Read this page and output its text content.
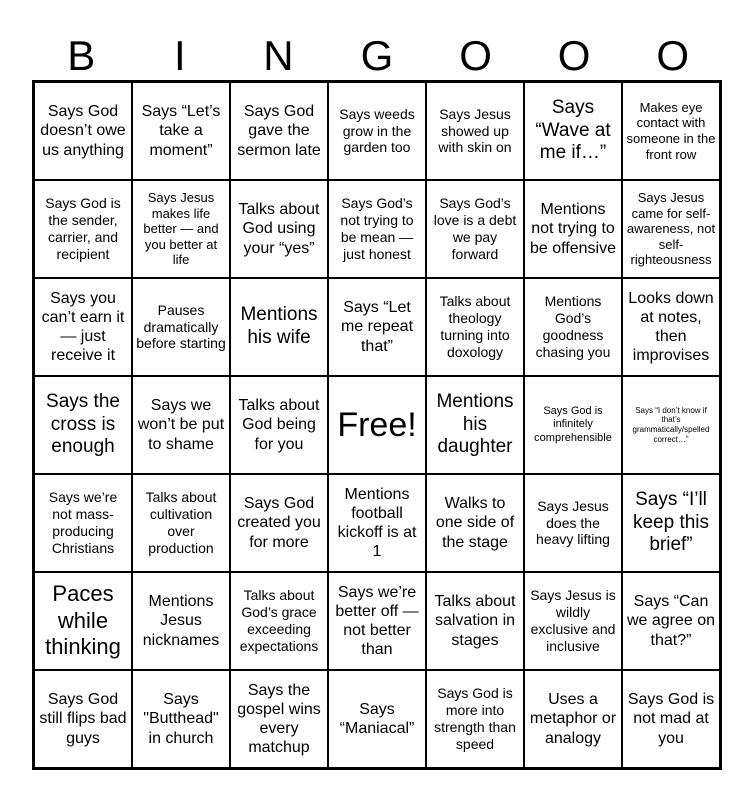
B	I	N	G	O	O	O
Says God doesn’t owe us anything
Says “Let’s take a moment”
Says God gave the sermon late
Says weeds grow in the garden too
Says Jesus showed up with skin on
Says “Wave at me if…”
Makes eye contact with someone in the front row
Says God is the sender, carrier, and recipient
Says Jesus makes life better — and you better at life
Talks about God using your “yes”
Says God’s not trying to be mean — just honest
Says God’s love is a debt we pay forward
Mentions not trying to be offensive
Says Jesus came for self-awareness, not self-righteousness
Says you can’t earn it — just receive it
Pauses dramatically before starting
Mentions his wife
Says “Let me repeat that”
Talks about theology turning into doxology
Mentions God’s goodness chasing you
Looks down at notes, then improvises
Says the cross is enough
Says we won’t be put to shame
Talks about God being for you
Free!
Mentions his daughter
Says God is infinitely comprehensible
Says “I don’t know if that’s grammatically/spelled correct…”
Says we’re not mass-producing Christians
Talks about cultivation over production
Says God created you for more
Mentions football kickoff is at 1
Walks to one side of the stage
Says Jesus does the heavy lifting
Says “I’ll keep this brief”
Paces while thinking
Mentions Jesus nicknames
Talks about God’s grace exceeding expectations
Says we’re better off — not better than
Talks about salvation in stages
Says Jesus is wildly exclusive and inclusive
Says “Can we agree on that?”
Says God still flips bad guys
Says "Butthead" in church
Says the gospel wins every matchup
Says “Maniacal”
Says God is more into strength than speed
Uses a metaphor or analogy
Says God is not mad at you
